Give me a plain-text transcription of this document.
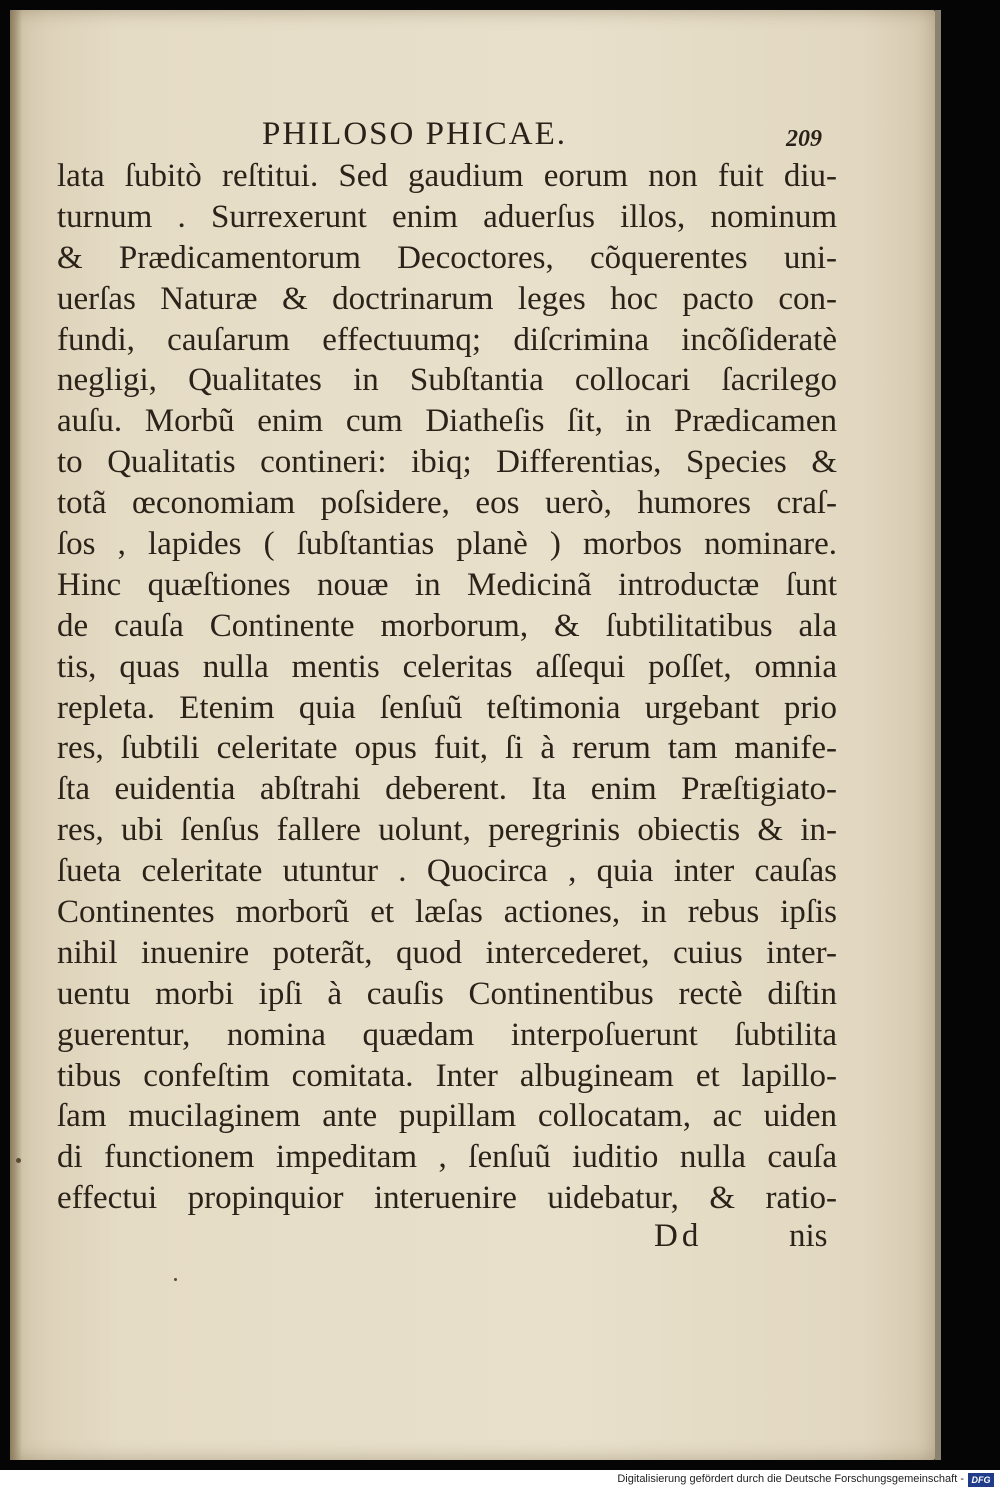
PHILOSO PHICAE.	209
lata ſubitò reſtitui. Sed gaudium eorum non fuit diu-
turnum . Surrexerunt enim aduerſus illos, nominum
& Prædicamentorum Decoctores, cõquerentes uni-
uerſas Naturæ & doctrinarum leges hoc pacto con-
fundi, cauſarum effectuumq; diſcrimina incõſideratè
negligi, Qualitates in Subſtantia collocari ſacrilego
auſu. Morbũ enim cum Diatheſis ſit, in Prædicamen
to Qualitatis contineri: ibiq; Differentias, Species &
totã œconomiam poſsidere, eos uerò, humores craſ-
ſos , lapides ( ſubſtantias planè ) morbos nominare.
Hinc quæſtiones nouæ in Medicinã introductæ ſunt
de cauſa Continente morborum, & ſubtilitatibus ala
tis, quas nulla mentis celeritas aſſequi poſſet, omnia
repleta. Etenim quia ſenſuũ teſtimonia urgebant prio
res, ſubtili celeritate opus fuit, ſi à rerum tam manife-
ſta euidentia abſtrahi deberent. Ita enim Præſtigiato-
res, ubi ſenſus fallere uolunt, peregrinis obiectis & in-
ſueta celeritate utuntur . Quocirca , quia inter cauſas
Continentes morborũ et læſas actiones, in rebus ipſis
nihil inuenire poterãt, quod intercederet, cuius inter-
uentu morbi ipſi à cauſis Continentibus rectè diſtin
guerentur, nomina quædam interpoſuerunt ſubtilita
tibus confeſtim comitata. Inter albugineam et lapillo-
ſam mucilaginem ante pupillam collocatam, ac uiden
di functionem impeditam , ſenſuũ iuditio nulla cauſa
effectui propinquior interuenire uidebatur, & ratio-
Dd	nis
Digitalisierung gefördert durch die Deutsche Forschungsgemeinschaft - DFG
